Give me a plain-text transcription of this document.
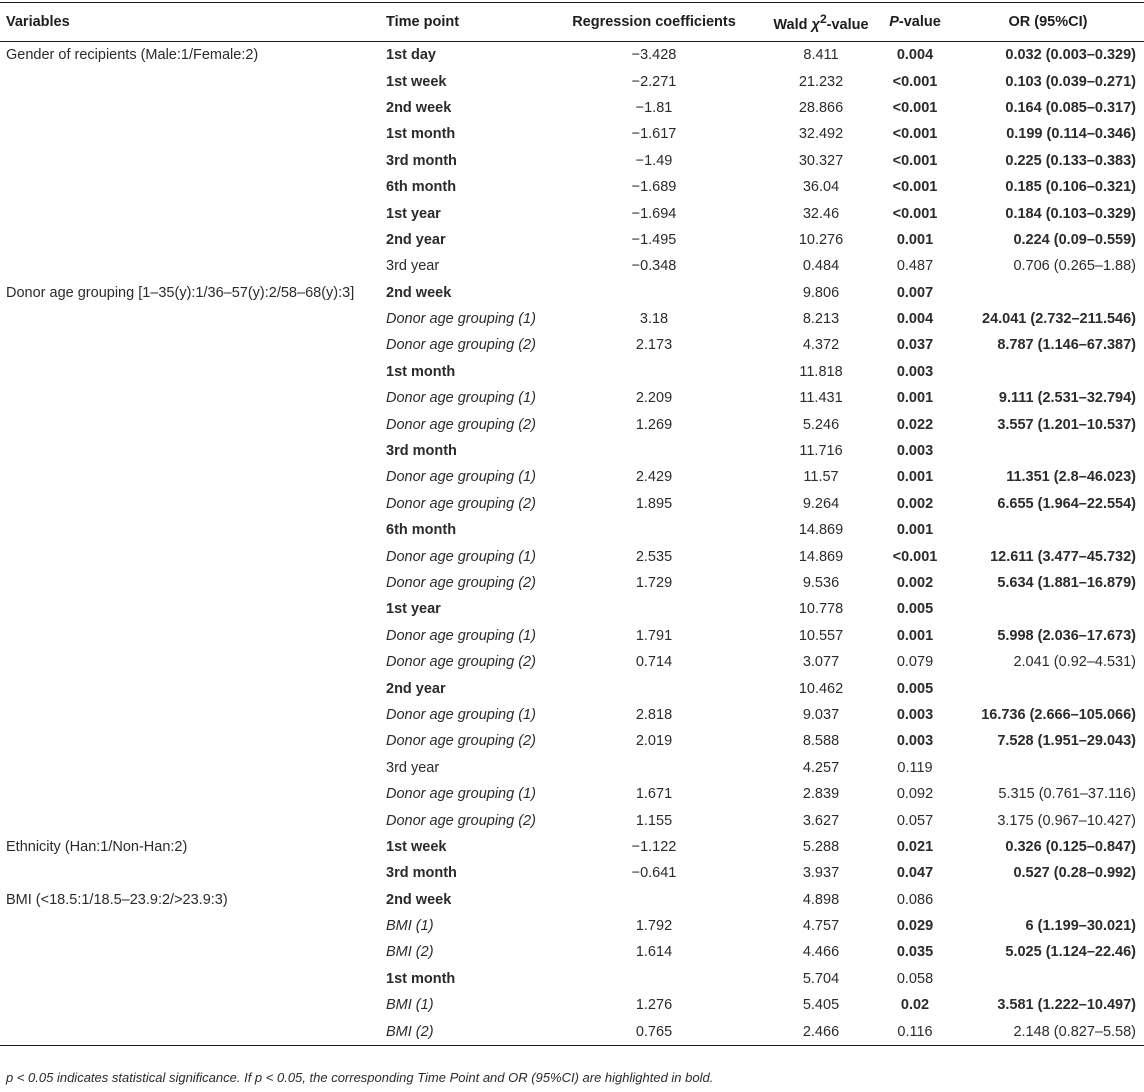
Variables	Time point	Regression coefficients	Wald $\chi^2$-value	P-value	OR (95%CI)
Gender of recipients (Male:1/Female:2)	1st day	−3.428	8.411	0.004	0.032 (0.003–0.329)
	1st week	−2.271	21.232	<0.001	0.103 (0.039–0.271)
	2nd week	−1.81	28.866	<0.001	0.164 (0.085–0.317)
	1st month	−1.617	32.492	<0.001	0.199 (0.114–0.346)
	3rd month	−1.49	30.327	<0.001	0.225 (0.133–0.383)
	6th month	−1.689	36.04	<0.001	0.185 (0.106–0.321)
	1st year	−1.694	32.46	<0.001	0.184 (0.103–0.329)
	2nd year	−1.495	10.276	0.001	0.224 (0.09–0.559)
	3rd year	−0.348	0.484	0.487	0.706 (0.265–1.88)
Donor age grouping [1–35(y):1/36–57(y):2/58–68(y):3]	2nd week		9.806	0.007	
	Donor age grouping (1)	3.18	8.213	0.004	24.041 (2.732–211.546)
	Donor age grouping (2)	2.173	4.372	0.037	8.787 (1.146–67.387)
	1st month		11.818	0.003	
	Donor age grouping (1)	2.209	11.431	0.001	9.111 (2.531–32.794)
	Donor age grouping (2)	1.269	5.246	0.022	3.557 (1.201–10.537)
	3rd month		11.716	0.003	
	Donor age grouping (1)	2.429	11.57	0.001	11.351 (2.8–46.023)
	Donor age grouping (2)	1.895	9.264	0.002	6.655 (1.964–22.554)
	6th month		14.869	0.001	
	Donor age grouping (1)	2.535	14.869	<0.001	12.611 (3.477–45.732)
	Donor age grouping (2)	1.729	9.536	0.002	5.634 (1.881–16.879)
	1st year		10.778	0.005	
	Donor age grouping (1)	1.791	10.557	0.001	5.998 (2.036–17.673)
	Donor age grouping (2)	0.714	3.077	0.079	2.041 (0.92–4.531)
	2nd year		10.462	0.005	
	Donor age grouping (1)	2.818	9.037	0.003	16.736 (2.666–105.066)
	Donor age grouping (2)	2.019	8.588	0.003	7.528 (1.951–29.043)
	3rd year		4.257	0.119	
	Donor age grouping (1)	1.671	2.839	0.092	5.315 (0.761–37.116)
	Donor age grouping (2)	1.155	3.627	0.057	3.175 (0.967–10.427)
Ethnicity (Han:1/Non-Han:2)	1st week	−1.122	5.288	0.021	0.326 (0.125–0.847)
	3rd month	−0.641	3.937	0.047	0.527 (0.28–0.992)
BMI (<18.5:1/18.5–23.9:2/>23.9:3)	2nd week		4.898	0.086	
	BMI (1)	1.792	4.757	0.029	6 (1.199–30.021)
	BMI (2)	1.614	4.466	0.035	5.025 (1.124–22.46)
	1st month		5.704	0.058	
	BMI (1)	1.276	5.405	0.02	3.581 (1.222–10.497)
	BMI (2)	0.765	2.466	0.116	2.148 (0.827–5.58)
p < 0.05 indicates statistical significance. If p < 0.05, the corresponding Time Point and OR (95%CI) are highlighted in bold.
